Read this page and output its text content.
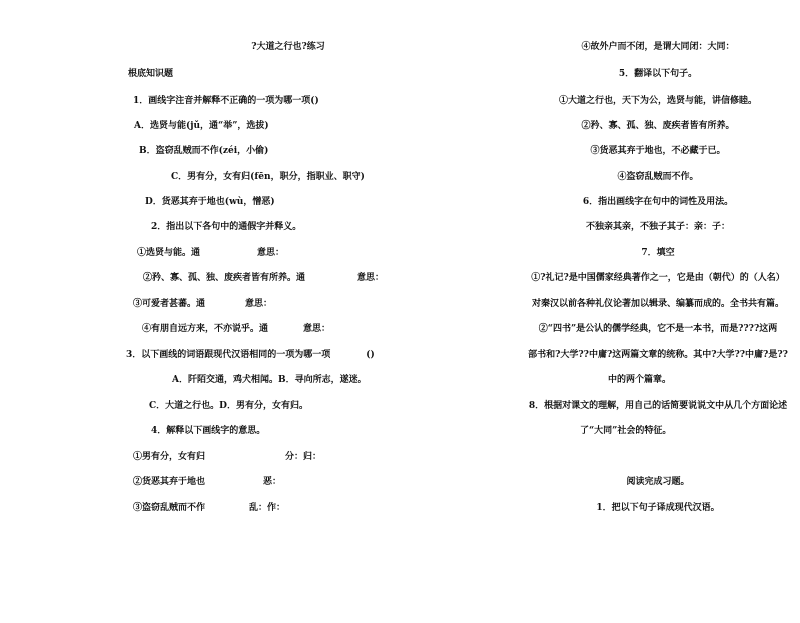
?大道之行也?练习
根底知识题
1．画线字注音并解释不正确的一项为哪一项()
A．选贤与能(jǔ，通“举”，选拔)
B．盗窃乱贼而不作(zéi，小偷)
C．男有分，女有归(fēn，职分，指职业、职守)
D．货恶其弃于地也(wù，憎恶)
2．指出以下各句中的通假字并释义。
①选贤与能。通	意思：
②矜、寡、孤、独、废疾者皆有所养。通	意思：
③可爱者甚蕃。通	意思：
④有朋自远方来，不亦说乎。通	意思：
3．以下画线的词语跟现代汉语相同的一项为哪一项	()
A．阡陌交通，鸡犬相闻。B．寻向所志，遂迷。
C．大道之行也。D．男有分，女有归。
4．解释以下画线字的意思。
①男有分，女有归	分：归：
②货恶其弃于地也	恶：
③盗窃乱贼而不作	乱：作：
④故外户而不闭，是谓大同闭：大同：
5．翻译以下句子。
①大道之行也，天下为公，选贤与能，讲信修睦。
②矜、寡、孤、独、废疾者皆有所养。
③货恶其弃于地也，不必藏于已。
④盗窃乱贼而不作。
6．指出画线字在句中的词性及用法。
不独亲其亲，不独子其子：亲：子：
7．填空
①?礼记?是中国儒家经典著作之一，它是由（朝代）的（人名）
对秦汉以前各种礼仪论著加以辑录、编纂而成的。全书共有篇。
②“四书”是公认的儒学经典，它不是一本书，而是????这两
部书和?大学??中庸?这两篇文章的统称。其中?大学??中庸?是??
中的两个篇章。
8．根据对课文的理解，用自己的话简要说说文中从几个方面论述
了“大同”社会的特征。
阅读完成习题。
1．把以下句子译成现代汉语。
